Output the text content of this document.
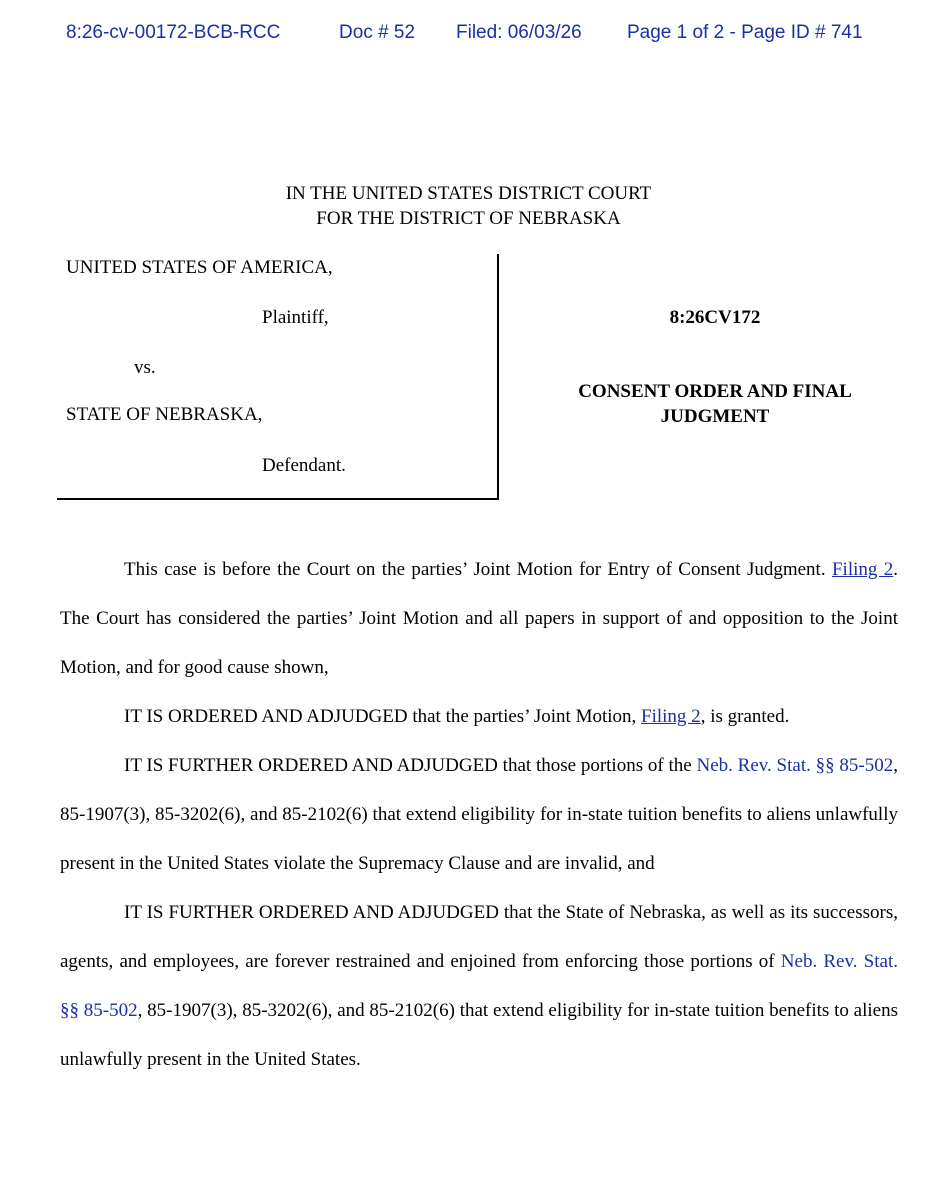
8:26-cv-00172-BCB-RCC	Doc # 52 Filed: 06/03/26 Page 1 of 2 - Page ID # 741
IN THE UNITED STATES DISTRICT COURT
FOR THE DISTRICT OF NEBRASKA
UNITED STATES OF AMERICA,
Plaintiff,
vs.
STATE OF NEBRASKA,
Defendant.
8:26CV172
CONSENT ORDER AND FINAL
JUDGMENT

This case is before the Court on the parties’ Joint Motion for Entry of Consent Judgment. Filing 2. The Court has considered the parties’ Joint Motion and all papers in support of and opposition to the Joint Motion, and for good cause shown,

IT IS ORDERED AND ADJUDGED that the parties’ Joint Motion, Filing 2, is granted.

IT IS FURTHER ORDERED AND ADJUDGED that those portions of the Neb. Rev. Stat. §§ 85-502, 85-1907(3), 85-3202(6), and 85-2102(6) that extend eligibility for in-state tuition benefits to aliens unlawfully present in the United States violate the Supremacy Clause and are invalid, and

IT IS FURTHER ORDERED AND ADJUDGED that the State of Nebraska, as well as its successors, agents, and employees, are forever restrained and enjoined from enforcing those portions of Neb. Rev. Stat. §§ 85-502, 85-1907(3), 85-3202(6), and 85-2102(6) that extend eligibility for in-state tuition benefits to aliens unlawfully present in the United States.
